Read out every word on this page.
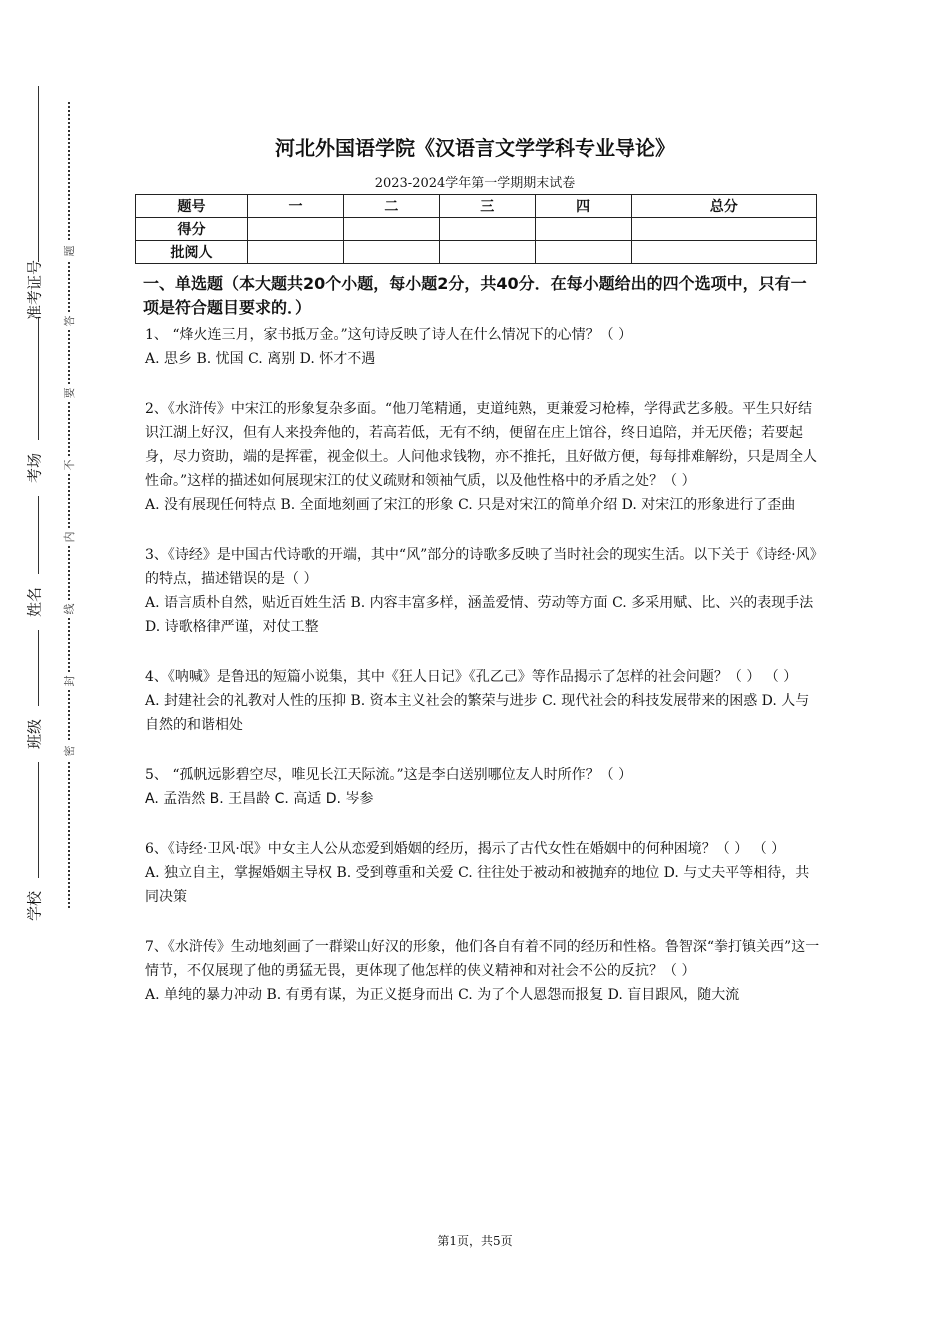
准考证号
考场
姓名
班级
学校
题
答
要
不
内
线
封
密
河北外国语学院《汉语言文学学科专业导论》
2023-2024学年第一学期期末试卷
题号	一	二	三	四	总分
得分					
批阅人					
一、单选题（本大题共20个小题，每小题2分，共40分．在每小题给出的四个选项中，只有一项是符合题目要求的．）

1、 “烽火连三月，家书抵万金。”这句诗反映了诗人在什么情况下的心情？（ ）

A. 思乡 B. 忧国 C. 离别 D. 怀才不遇

2、《水浒传》中宋江的形象复杂多面。“他刀笔精通，吏道纯熟，更兼爱习枪棒，学得武艺多般。平生只好结识江湖上好汉，但有人来投奔他的，若高若低，无有不纳，便留在庄上馆谷，终日追陪，并无厌倦；若要起身，尽力资助，端的是挥霍，视金似土。人问他求钱物，亦不推托，且好做方便，每每排难解纷，只是周全人性命。”这样的描述如何展现宋江的仗义疏财和领袖气质，以及他性格中的矛盾之处？（ ）

A. 没有展现任何特点 B. 全面地刻画了宋江的形象 C. 只是对宋江的简单介绍 D. 对宋江的形象进行了歪曲

3、《诗经》是中国古代诗歌的开端，其中“风”部分的诗歌多反映了当时社会的现实生活。以下关于《诗经·风》的特点，描述错误的是（ ）

A. 语言质朴自然，贴近百姓生活 B. 内容丰富多样，涵盖爱情、劳动等方面 C. 多采用赋、比、兴的表现手法 D. 诗歌格律严谨，对仗工整

4、《呐喊》是鲁迅的短篇小说集，其中《狂人日记》《孔乙己》等作品揭示了怎样的社会问题？（ ） （ ）

A. 封建社会的礼教对人性的压抑 B. 资本主义社会的繁荣与进步 C. 现代社会的科技发展带来的困惑 D. 人与自然的和谐相处

5、 “孤帆远影碧空尽，唯见长江天际流。”这是李白送别哪位友人时所作？（ ）

A. 孟浩然 B. 王昌龄 C. 高适 D. 岑参

6、《诗经·卫风·氓》中女主人公从恋爱到婚姻的经历，揭示了古代女性在婚姻中的何种困境？（ ） （ ）

A. 独立自主，掌握婚姻主导权 B. 受到尊重和关爱 C. 往往处于被动和被抛弃的地位 D. 与丈夫平等相待，共同决策

7、《水浒传》生动地刻画了一群梁山好汉的形象，他们各自有着不同的经历和性格。鲁智深“拳打镇关西”这一情节，不仅展现了他的勇猛无畏，更体现了他怎样的侠义精神和对社会不公的反抗？（ ）

A. 单纯的暴力冲动 B. 有勇有谋，为正义挺身而出 C. 为了个人恩怨而报复 D. 盲目跟风，随大流

第1页，共5页
